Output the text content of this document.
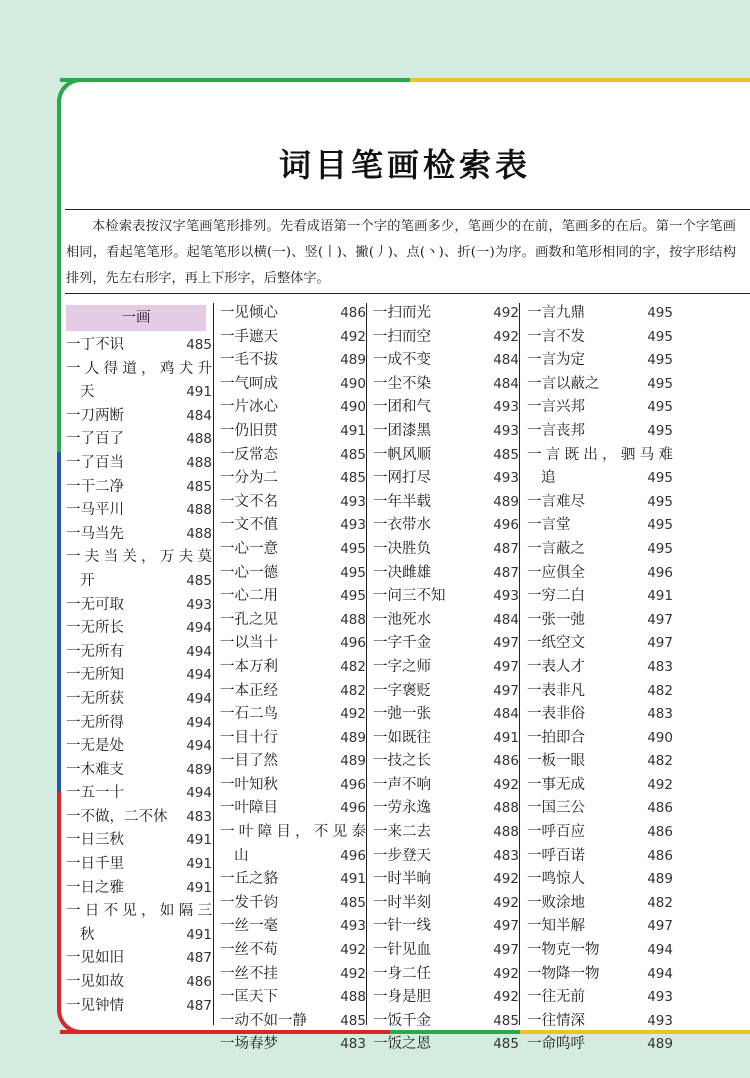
词目笔画检索表

本检索表按汉字笔画笔形排列。先看成语第一个字的笔画多少，笔画少的在前，笔画多的在后。第一个字笔画相同，看起笔笔形。起笔笔形以横(一)、竖(丨)、撇(丿)、点(丶)、折(一)为序。画数和笔形相同的字，按字形结构排列，先左右形字，再上下形字，后整体字。

一画
一丁不识	485
一人得道，鸡犬升
天	491
一刀两断	484
一了百了	488
一了百当	488
一干二净	485
一马平川	488
一马当先	488
一夫当关，万夫莫
开	485
一无可取	493
一无所长	494
一无所有	494
一无所知	494
一无所获	494
一无所得	494
一无是处	494
一木难支	489
一五一十	494
一不做，二不休 483
一日三秋	491
一日千里	491
一日之雅	491
一日不见，如隔三
秋	491
一见如旧	487
一见如故	486
一见钟情	487
一见倾心	486
一手遮天	492
一毛不拔	489
一气呵成	490
一片冰心	490
一仍旧贯	491
一反常态	485
一分为二	485
一文不名	493
一文不值	493
一心一意	495
一心一德	495
一心二用	495
一孔之见	488
一以当十	496
一本万利	482
一本正经	482
一石二鸟	492
一目十行	489
一目了然	489
一叶知秋	496
一叶障目	496
一叶障目，不见泰
山	496
一丘之貉	491
一发千钧	485
一丝一毫	493
一丝不苟	492
一丝不挂	492
一匡天下	488
一动不如一静 485
一场春梦	483
一扫而光	492
一扫而空	492
一成不变	484
一尘不染	484
一团和气	493
一团漆黑	493
一帆风顺	485
一网打尽	493
一年半载	489
一衣带水	496
一决胜负	487
一决雌雄	487
一问三不知	493
一池死水	484
一字千金	497
一字之师	497
一字褒贬	497
一弛一张	484
一如既往	491
一技之长	486
一声不响	492
一劳永逸	488
一来二去	488
一步登天	483
一时半晌	492
一时半刻	492
一针一线	497
一针见血	497
一身二任	492
一身是胆	492
一饭千金	485
一饭之恩	485
一言九鼎	495
一言不发	495
一言为定	495
一言以蔽之	495
一言兴邦	495
一言丧邦	495
一言既出，驷马难
追	495
一言难尽	495
一言堂	495
一言蔽之	495
一应俱全	496
一穷二白	491
一张一弛	497
一纸空文	497
一表人才	483
一表非凡	482
一表非俗	483
一拍即合	490
一板一眼	482
一事无成	492
一国三公	486
一呼百应	486
一呼百诺	486
一鸣惊人	489
一败涂地	482
一知半解	497
一物克一物	494
一物降一物	494
一往无前	493
一往情深	493
一命呜呼	489
